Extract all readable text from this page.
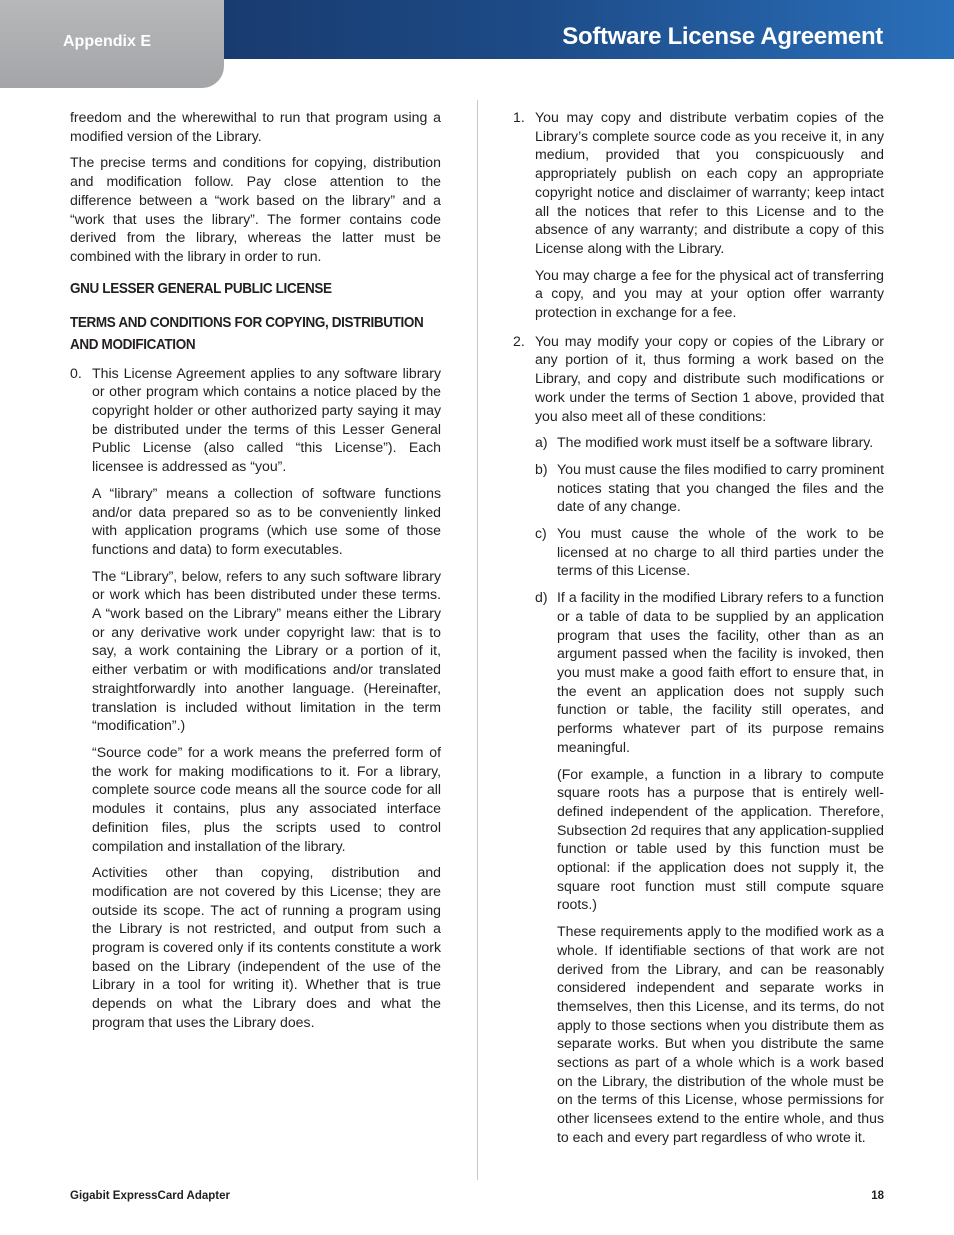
Appendix E	Software License Agreement

freedom and the wherewithal to run that program using a modified version of the Library.

The precise terms and conditions for copying, distribution and modification follow. Pay close attention to the difference between a “work based on the library” and a “work that uses the library”. The former contains code derived from the library, whereas the latter must be combined with the library in order to run.

GNU LESSER GENERAL PUBLIC LICENSE
TERMS AND CONDITIONS FOR COPYING, DISTRIBUTION AND MODIFICATION
0. This License Agreement applies to any software library or other program which contains a notice placed by the copyright holder or other authorized party saying it may be distributed under the terms of this Lesser General Public License (also called “this License”). Each licensee is addressed as “you”.

A “library” means a collection of software functions and/or data prepared so as to be conveniently linked with application programs (which use some of those functions and data) to form executables.

The “Library”, below, refers to any such software library or work which has been distributed under these terms. A “work based on the Library” means either the Library or any derivative work under copyright law: that is to say, a work containing the Library or a portion of it, either verbatim or with modifications and/or translated straightforwardly into another language. (Hereinafter, translation is included without limitation in the term “modification”.)

“Source code” for a work means the preferred form of the work for making modifications to it. For a library, complete source code means all the source code for all modules it contains, plus any associated interface definition files, plus the scripts used to control compilation and installation of the library.

Activities other than copying, distribution and modification are not covered by this License; they are outside its scope. The act of running a program using the Library is not restricted, and output from such a program is covered only if its contents constitute a work based on the Library (independent of the use of the Library in a tool for writing it). Whether that is true depends on what the Library does and what the program that uses the Library does.

1. You may copy and distribute verbatim copies of the Library’s complete source code as you receive it, in any medium, provided that you conspicuously and appropriately publish on each copy an appropriate copyright notice and disclaimer of warranty; keep intact all the notices that refer to this License and to the absence of any warranty; and distribute a copy of this License along with the Library.

You may charge a fee for the physical act of transferring a copy, and you may at your option offer warranty protection in exchange for a fee.

2. You may modify your copy or copies of the Library or any portion of it, thus forming a work based on the Library, and copy and distribute such modifications or work under the terms of Section 1 above, provided that you also meet all of these conditions:

a) The modified work must itself be a software library.

b) You must cause the files modified to carry prominent notices stating that you changed the files and the date of any change.

c) You must cause the whole of the work to be licensed at no charge to all third parties under the terms of this License.

d) If a facility in the modified Library refers to a function or a table of data to be supplied by an application program that uses the facility, other than as an argument passed when the facility is invoked, then you must make a good faith effort to ensure that, in the event an application does not supply such function or table, the facility still operates, and performs whatever part of its purpose remains meaningful.

(For example, a function in a library to compute square roots has a purpose that is entirely well-defined independent of the application. Therefore, Subsection 2d requires that any application-supplied function or table used by this function must be optional: if the application does not supply it, the square root function must still compute square roots.)

These requirements apply to the modified work as a whole. If identifiable sections of that work are not derived from the Library, and can be reasonably considered independent and separate works in themselves, then this License, and its terms, do not apply to those sections when you distribute them as separate works. But when you distribute the same sections as part of a whole which is a work based on the Library, the distribution of the whole must be on the terms of this License, whose permissions for other licensees extend to the entire whole, and thus to each and every part regardless of who wrote it.

Gigabit ExpressCard Adapter	18
